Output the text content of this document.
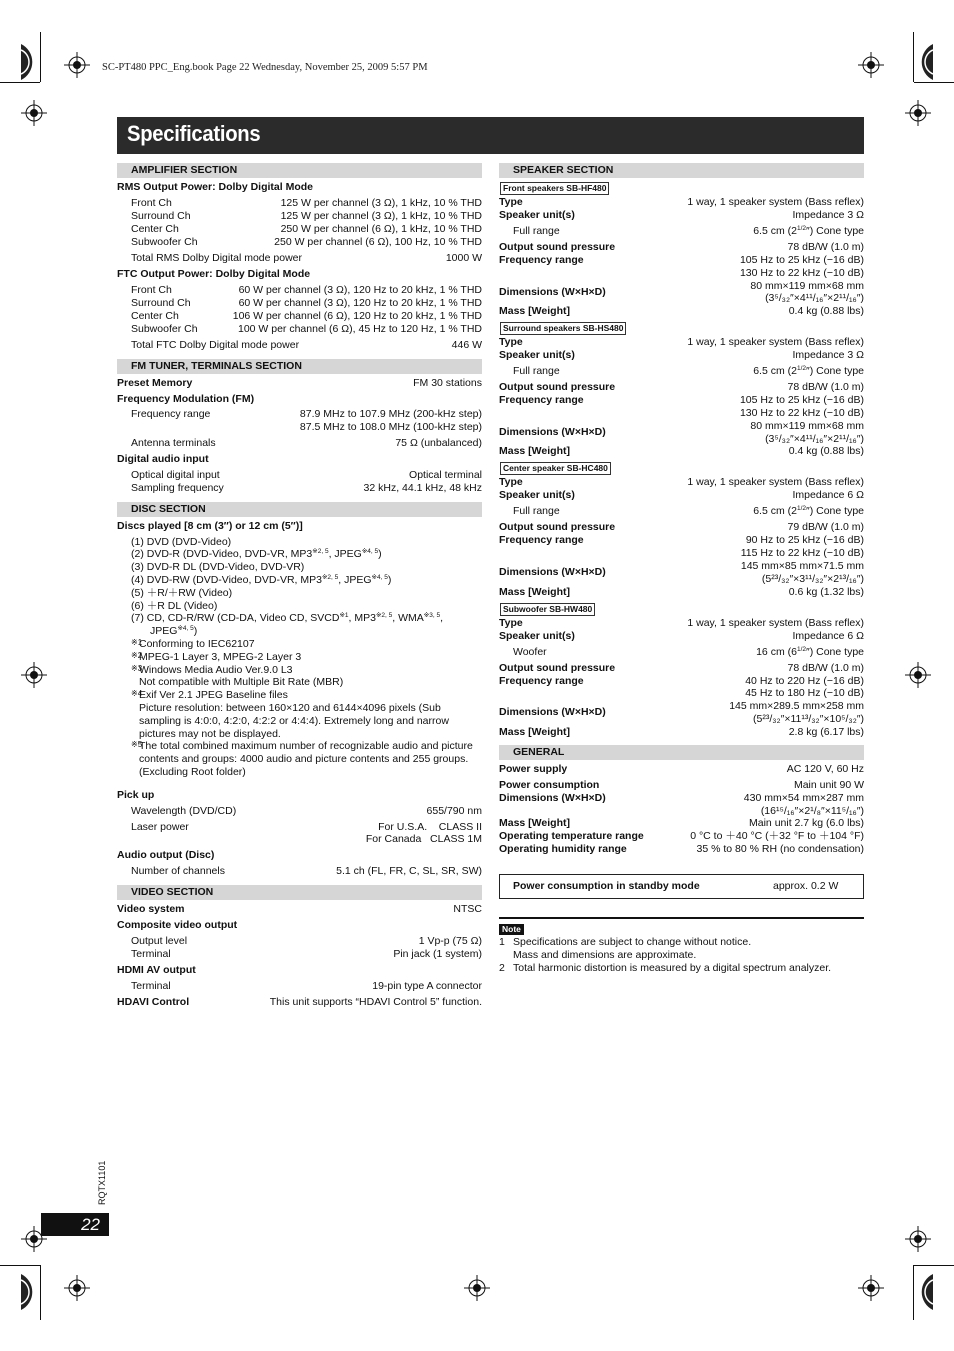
SC-PT480 PPC_Eng.book Page 22 Wednesday, November 25, 2009 5:57 PM
Specifications
AMPLIFIER SECTION
RMS Output Power: Dolby Digital Mode
Front Ch	125 W per channel (3 Ω), 1 kHz, 10 % THD
Surround Ch	125 W per channel (3 Ω), 1 kHz, 10 % THD
Center Ch	250 W per channel (6 Ω), 1 kHz, 10 % THD
Subwoofer Ch	250 W per channel (6 Ω), 100 Hz, 10 % THD
Total RMS Dolby Digital mode power	1000 W
FTC Output Power: Dolby Digital Mode
Front Ch	60 W per channel (3 Ω), 120 Hz to 20 kHz, 1 % THD
Surround Ch	60 W per channel (3 Ω), 120 Hz to 20 kHz, 1 % THD
Center Ch	106 W per channel (6 Ω), 120 Hz to 20 kHz, 1 % THD
Subwoofer Ch	100 W per channel (6 Ω), 45 Hz to 120 Hz, 1 % THD
Total FTC Dolby Digital mode power	446 W
FM TUNER, TERMINALS SECTION
Preset Memory	FM 30 stations
Frequency Modulation (FM)
Frequency range	87.9 MHz to 107.9 MHz (200-kHz step)
87.5 MHz to 108.0 MHz (100-kHz step)
Antenna terminals	75 Ω (unbalanced)
Digital audio input
Optical digital input	Optical terminal
Sampling frequency	32 kHz, 44.1 kHz, 48 kHz
DISC SECTION
Discs played [8 cm (3″) or 12 cm (5″)]
(1) DVD (DVD-Video)
(2) DVD-R (DVD-Video, DVD-VR, MP3$^{※2, 5}$, JPEG$^{※4, 5}$)
(3) DVD-R DL (DVD-Video, DVD-VR)
(4) DVD-RW (DVD-Video, DVD-VR, MP3$^{※2, 5}$, JPEG$^{※4, 5}$)
(5) ＋R/＋RW (Video)
(6) ＋R DL (Video)
(7) CD, CD-R/RW (CD-DA, Video CD, SVCD$^{※1}$, MP3$^{※2, 5}$, WMA$^{※3, 5}$,
JPEG$^{※4, 5}$)
※1
Conforming to IEC62107
※2
MPEG-1 Layer 3, MPEG-2 Layer 3
※3
Windows Media Audio Ver.9.0 L3
Not compatible with Multiple Bit Rate (MBR)
※4
Exif Ver 2.1 JPEG Baseline files
Picture resolution: between 160×120 and 6144×4096 pixels (Sub sampling is 4:0:0, 4:2:0, 4:2:2 or 4:4:4). Extremely long and narrow pictures may not be displayed.
※5
The total combined maximum number of recognizable audio and picture contents and groups: 4000 audio and picture contents and 255 groups. (Excluding Root folder)
Pick up
Wavelength (DVD/CD)	655/790 nm
Laser power	For U.S.A.    CLASS II
For Canada   CLASS 1M
Audio output (Disc)
Number of channels	5.1 ch (FL, FR, C, SL, SR, SW)
VIDEO SECTION
Video system	NTSC
Composite video output
Output level	1 Vp-p (75 Ω)
Terminal	Pin jack (1 system)
HDMI AV output
Terminal	19-pin type A connector
HDAVI Control	This unit supports “HDAVI Control 5” function.
SPEAKER SECTION
Front speakers SB-HF480
Type	1 way, 1 speaker system (Bass reflex)
Speaker unit(s)	Impedance 3 Ω
Full range	6.5 cm $(2^{1/2}'')$ Cone type
Output sound pressure	78 dB/W (1.0 m)
Frequency range	105 Hz to 25 kHz (−16 dB)
130 Hz to 22 kHz (−10 dB)
Dimensions (W×H×D)	80 mm×119 mm×68 mm
(3⁵/₃₂″×4¹¹/₁₆″×2¹¹/₁₆″)
Mass [Weight]	0.4 kg (0.88 lbs)
Surround speakers SB-HS480
Type	1 way, 1 speaker system (Bass reflex)
Speaker unit(s)	Impedance 3 Ω
Full range	6.5 cm $(2^{1/2}'')$ Cone type
Output sound pressure	78 dB/W (1.0 m)
Frequency range	105 Hz to 25 kHz (−16 dB)
130 Hz to 22 kHz (−10 dB)
Dimensions (W×H×D)	80 mm×119 mm×68 mm
(3⁵/₃₂″×4¹¹/₁₆″×2¹¹/₁₆″)
Mass [Weight]	0.4 kg (0.88 lbs)
Center speaker SB-HC480
Type	1 way, 1 speaker system (Bass reflex)
Speaker unit(s)	Impedance 6 Ω
Full range	6.5 cm $(2^{1/2}'')$ Cone type
Output sound pressure	79 dB/W (1.0 m)
Frequency range	90 Hz to 25 kHz (−16 dB)
115 Hz to 22 kHz (−10 dB)
Dimensions (W×H×D)	145 mm×85 mm×71.5 mm
(5²³/₃₂″×3¹¹/₃₂″×2¹³/₁₆″)
Mass [Weight]	0.6 kg (1.32 lbs)
Subwoofer SB-HW480
Type	1 way, 1 speaker system (Bass reflex)
Speaker unit(s)	Impedance 6 Ω
Woofer	16 cm $(6^{1/2}'')$ Cone type
Output sound pressure	78 dB/W (1.0 m)
Frequency range	40 Hz to 220 Hz (−16 dB)
45 Hz to 180 Hz (−10 dB)
Dimensions (W×H×D)	145 mm×289.5 mm×258 mm
(5²³/₃₂″×11¹³/₃₂″×10⁵/₃₂″)
Mass [Weight]	2.8 kg (6.17 lbs)
GENERAL
Power supply	AC 120 V, 60 Hz
Power consumption	Main unit 90 W
Dimensions (W×H×D)	430 mm×54 mm×287 mm
(16¹⁵/₁₆″×2¹/₈″×11⁵/₁₆″)
Mass [Weight]	Main unit 2.7 kg (6.0 lbs)
Operating temperature range	0 °C to ＋40 °C (＋32 °F to ＋104 °F)
Operating humidity range	35 % to 80 % RH (no condensation)
Power consumption in standby mode	approx. 0.2 W
Note
1 Specifications are subject to change without notice.
Mass and dimensions are approximate.
2 Total harmonic distortion is measured by a digital spectrum analyzer.
RQTX1101
22
